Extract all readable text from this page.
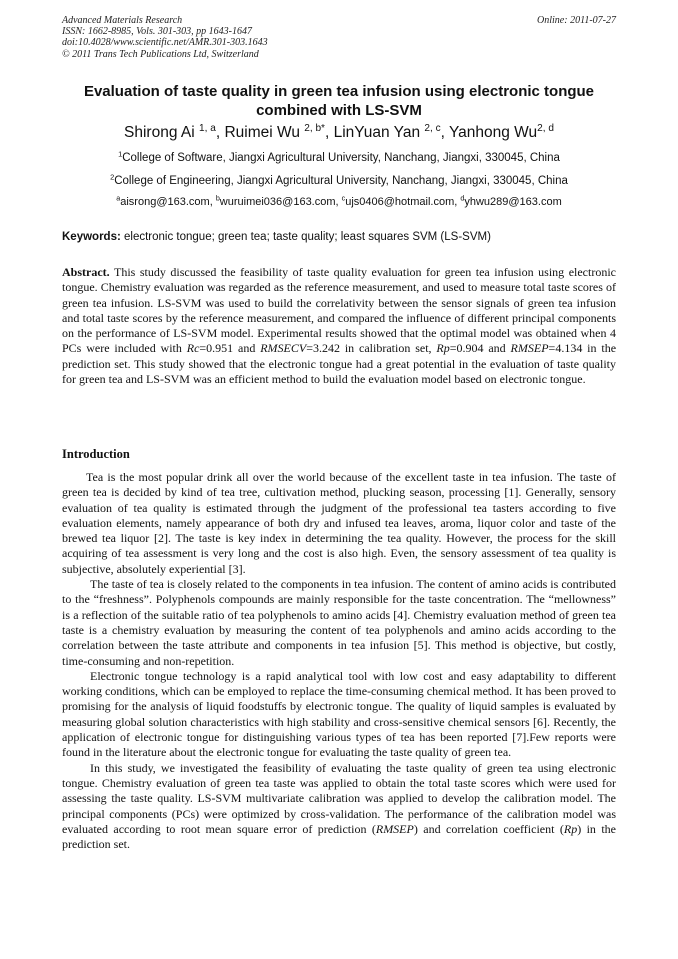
Advanced Materials Research
ISSN: 1662-8985, Vols. 301-303, pp 1643-1647
doi:10.4028/www.scientific.net/AMR.301-303.1643
© 2011 Trans Tech Publications Ltd, Switzerland
Online: 2011-07-27
Evaluation of taste quality in green tea infusion using electronic tongue
combined with LS-SVM
Shirong Ai $^{1, a}$, Ruimei Wu $^{2, b*}$, LinYuan Yan $^{2, c}$, Yanhong Wu$^{2, d}$
$^1$College of Software, Jiangxi Agricultural University, Nanchang, Jiangxi, 330045, China
$^2$College of Engineering, Jiangxi Agricultural University, Nanchang, Jiangxi, 330045, China
$^a$aisrong@163.com, $^b$wuruimei036@163.com, $^c$ujs0406@hotmail.com, $^d$yhwu289@163.com
Keywords: electronic tongue; green tea; taste quality; least squares SVM (LS-SVM)
Abstract. This study discussed the feasibility of taste quality evaluation for green tea infusion using electronic tongue. Chemistry evaluation was regarded as the reference measurement, and used to measure total taste scores of green tea infusion. LS-SVM was used to build the correlativity between the sensor signals of green tea infusion and total taste scores by the reference measurement, and compared the influence of different principal components on the performance of LS-SVM model. Experimental results showed that the optimal model was obtained when 4 PCs were included with Rc=0.951 and RMSECV=3.242 in calibration set, Rp=0.904 and RMSEP=4.134 in the prediction set. This study showed that the electronic tongue had a great potential in the evaluation of taste quality for green tea and LS-SVM was an efficient method to build the evaluation model based on electronic tongue.
Introduction

Tea is the most popular drink all over the world because of the excellent taste in tea infusion. The taste of green tea is decided by kind of tea tree, cultivation method, plucking season, processing [1]. Generally, sensory evaluation of tea quality is estimated through the judgment of the professional tea tasters according to five evaluation elements, namely appearance of both dry and infused tea leaves, aroma, liquor color and taste of the brewed tea liquor [2]. The taste is key index in determining the tea quality. However, the process for the skill acquiring of tea assessment is very long and the cost is also high. Even, the sensory assessment of tea quality is subjective, absolutely experiential [3].

The taste of tea is closely related to the components in tea infusion. The content of amino acids is contributed to the “freshness”. Polyphenols compounds are mainly responsible for the taste concentration. The “mellowness” is a reflection of the suitable ratio of tea polyphenols to amino acids [4]. Chemistry evaluation method of green tea taste is a chemistry evaluation by measuring the content of tea polyphenols and amino acids according to the correlation between the taste attribute and components in tea infusion [5]. This method is objective, but costly, time-consuming and non-repetition.

Electronic tongue technology is a rapid analytical tool with low cost and easy adaptability to different working conditions, which can be employed to replace the time-consuming chemical method. It has been proved to promising for the analysis of liquid foodstuffs by electronic tongue. The quality of liquid samples is evaluated by measuring global solution characteristics with high stability and cross-sensitive chemical sensors [6]. Recently, the application of electronic tongue for distinguishing various types of tea has been reported [7].Few reports were found in the literature about the electronic tongue for evaluating the taste quality of green tea.

In this study, we investigated the feasibility of evaluating the taste quality of green tea using electronic tongue. Chemistry evaluation of green tea taste was applied to obtain the total taste scores which were used for assessing the taste quality. LS-SVM multivariate calibration was applied to develop the calibration model. The principal components (PCs) were optimized by cross-validation. The performance of the calibration model was evaluated according to root mean square error of prediction (RMSEP) and correlation coefficient (Rp) in the prediction set.
